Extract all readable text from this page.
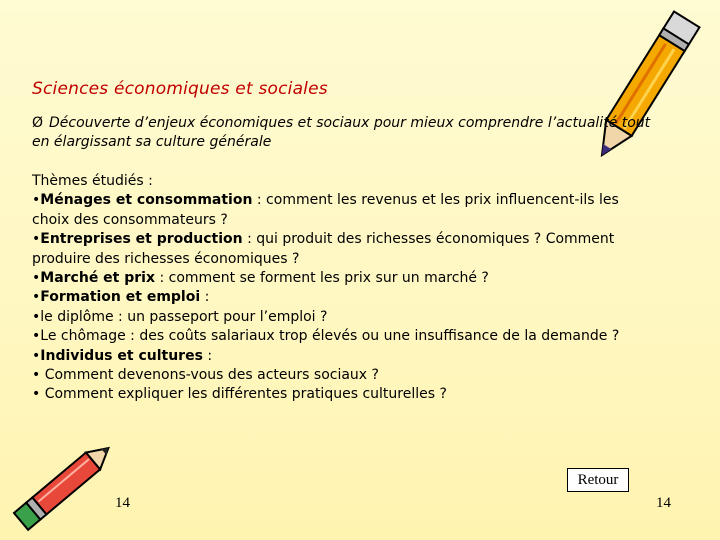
Sciences économiques et sociales
Ø Découverte d’enjeux économiques et sociaux pour mieux comprendre l’actualité tout en élargissant sa culture générale

Thèmes étudiés :

•Ménages et consommation : comment les revenus et les prix influencent-ils les choix des consommateurs ?

•Entreprises et production : qui produit des richesses économiques ? Comment produire des richesses économiques ?

•Marché et prix : comment se forment les prix sur un marché ?

•Formation et emploi :

•le diplôme : un passeport pour l’emploi ?

•Le chômage : des coûts salariaux trop élevés ou une insuffisance de la demande ?

•Individus et cultures :

• Comment devenons-vous des acteurs sociaux ?

• Comment expliquer les différentes pratiques culturelles ?

Retour
14	14
